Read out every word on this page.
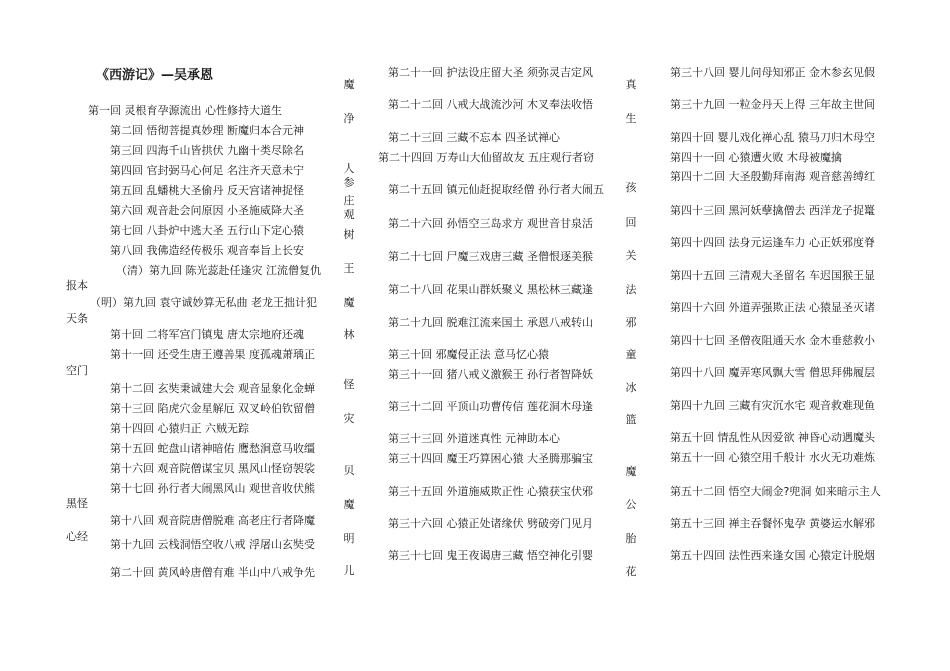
《西游记》—吴承恩
第一回 灵根育孕源流出 心性修持大道生
第二回 悟彻菩提真妙理 断魔归本合元神
第三回 四海千山皆拱伏 九幽十类尽除名
第四回 官封弼马心何足 名注齐天意未宁
第五回 乱蟠桃大圣偷丹 反天宫诸神捉怪
第六回 观音赴会问原因 小圣施威降大圣
第七回 八卦炉中逃大圣 五行山下定心猿
第八回 我佛造经传极乐 观音奉旨上长安
（清）第九回 陈光蕊赴任逢灾 江流僧复仇
报本
（明）第九回 袁守诚妙算无私曲 老龙王拙计犯
天条
第十回 二将军宫门镇鬼 唐太宗地府还魂
第十一回 还受生唐王遵善果 度孤魂萧瑀正
空门
第十二回 玄奘秉诚建大会 观音显象化金蝉
第十三回 陷虎穴金星解厄 双叉岭伯钦留僧
第十四回 心猿归正 六贼无踪
第十五回 蛇盘山诸神暗佑 鹰愁涧意马收缰
第十六回 观音院僧谋宝贝 黑风山怪窃袈裟
第十七回 孙行者大闹黑风山 观世音收伏熊
黑怪
第十八回 观音院唐僧脱难 高老庄行者降魔
心经
第十九回 云栈洞悟空收八戒 浮屠山玄奘受
第二十回 黄风岭唐僧有难 半山中八戒争先
魔
净
人参
庄观
树
王
魔
林
怪
灾
贝
魔
明
儿
第二十一回 护法设庄留大圣 须弥灵吉定风
第二十二回 八戒大战流沙河 木叉奉法收悟
第二十三回 三藏不忘本 四圣试禅心
第二十四回 万寿山大仙留故友 五庄观行者窃
第二十五回 镇元仙赶捉取经僧 孙行者大闹五
第二十六回 孙悟空三岛求方 观世音甘泉活
第二十七回 尸魔三戏唐三藏 圣僧恨逐美猴
第二十八回 花果山群妖聚义 黑松林三藏逢
第二十九回 脱难江流来国土 承恩八戒转山
第三十回 邪魔侵正法 意马忆心猿
第三十一回 猪八戒义激猴王 孙行者智降妖
第三十二回 平顶山功曹传信 莲花洞木母逢
第三十三回 外道迷真性 元神助本心
第三十四回 魔王巧算困心猿 大圣腾那骗宝
第三十五回 外道施威欺正性 心猿获宝伏邪
第三十六回 心猿正处诸缘伏 劈破旁门见月
第三十七回 鬼王夜谒唐三藏 悟空神化引婴
真
生
孩
回
关
法
邪
童
冰
篮
魔
公
胎
花
第三十八回 婴儿问母知邪正 金木参玄见假
第三十九回 一粒金丹天上得 三年故主世间
第四十回 婴儿戏化禅心乱 猿马刀归木母空
第四十一回 心猿遭火败 木母被魔擒
第四十二回 大圣殷勤拜南海 观音慈善缚红
第四十三回 黑河妖孽擒僧去 西洋龙子捉鼍
第四十四回 法身元运逢车力 心正妖邪度脊
第四十五回 三清观大圣留名 车迟国猴王显
第四十六回 外道弄强欺正法 心猿显圣灭诸
第四十七回 圣僧夜阻通天水 金木垂慈救小
第四十八回 魔弄寒风飘大雪 僧思拜佛履层
第四十九回 三藏有灾沉水宅 观音救难现鱼
第五十回 情乱性从因爱欲 神昏心动遇魔头
第五十一回 心猿空用千般计 水火无功难炼
第五十二回 悟空大闹金?兜洞 如来暗示主人
第五十三回 禅主吞餐怀鬼孕 黄婆运水解邪
第五十四回 法性西来逢女国 心猿定计脱烟
